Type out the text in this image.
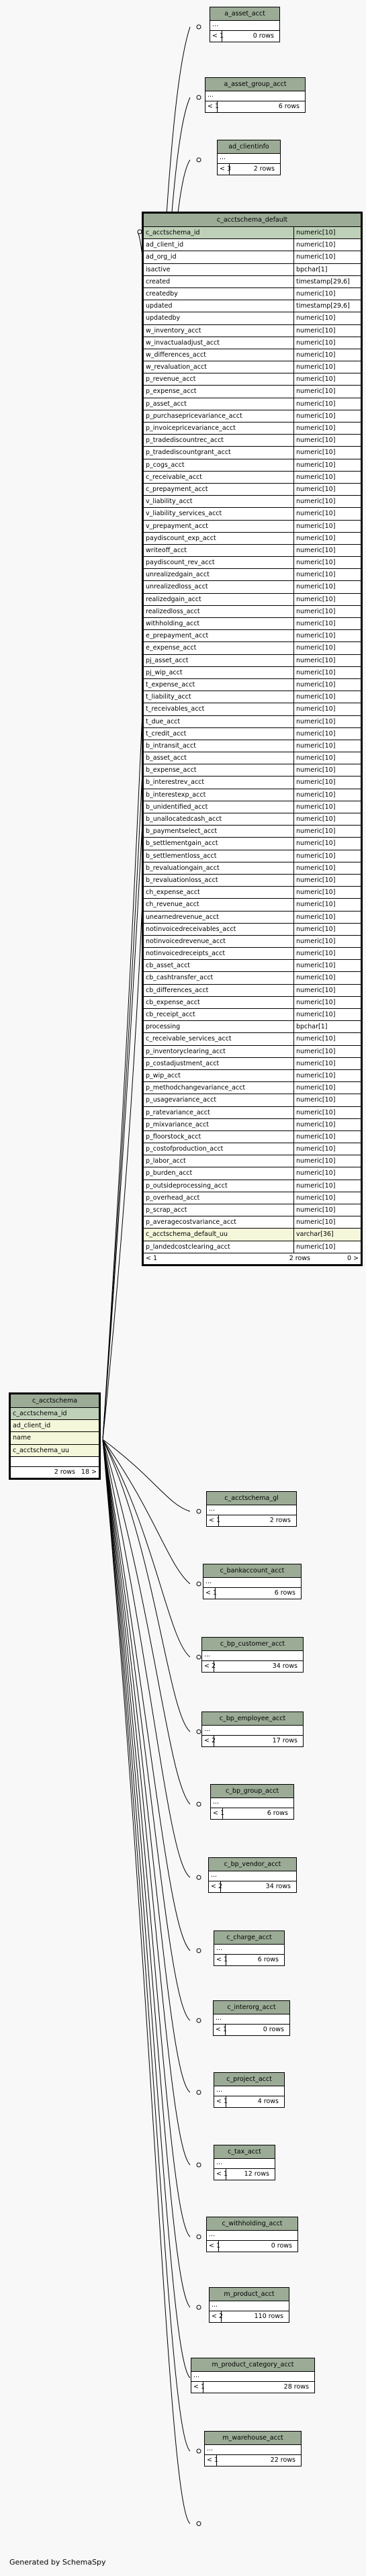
a_asset_acct
...
< 1	0 rows
a_asset_group_acct
...
< 1	6 rows
ad_clientinfo
...
< 3	2 rows
c_acctschema_default
c_acctschema_id	numeric[10]
ad_client_id	numeric[10]
ad_org_id	numeric[10]
isactive	bpchar[1]
created	timestamp[29,6]
createdby	numeric[10]
updated	timestamp[29,6]
updatedby	numeric[10]
w_inventory_acct	numeric[10]
w_invactualadjust_acct	numeric[10]
w_differences_acct	numeric[10]
w_revaluation_acct	numeric[10]
p_revenue_acct	numeric[10]
p_expense_acct	numeric[10]
p_asset_acct	numeric[10]
p_purchasepricevariance_acct	numeric[10]
p_invoicepricevariance_acct	numeric[10]
p_tradediscountrec_acct	numeric[10]
p_tradediscountgrant_acct	numeric[10]
p_cogs_acct	numeric[10]
c_receivable_acct	numeric[10]
c_prepayment_acct	numeric[10]
v_liability_acct	numeric[10]
v_liability_services_acct	numeric[10]
v_prepayment_acct	numeric[10]
paydiscount_exp_acct	numeric[10]
writeoff_acct	numeric[10]
paydiscount_rev_acct	numeric[10]
unrealizedgain_acct	numeric[10]
unrealizedloss_acct	numeric[10]
realizedgain_acct	numeric[10]
realizedloss_acct	numeric[10]
withholding_acct	numeric[10]
e_prepayment_acct	numeric[10]
e_expense_acct	numeric[10]
pj_asset_acct	numeric[10]
pj_wip_acct	numeric[10]
t_expense_acct	numeric[10]
t_liability_acct	numeric[10]
t_receivables_acct	numeric[10]
t_due_acct	numeric[10]
t_credit_acct	numeric[10]
b_intransit_acct	numeric[10]
b_asset_acct	numeric[10]
b_expense_acct	numeric[10]
b_interestrev_acct	numeric[10]
b_interestexp_acct	numeric[10]
b_unidentified_acct	numeric[10]
b_unallocatedcash_acct	numeric[10]
b_paymentselect_acct	numeric[10]
b_settlementgain_acct	numeric[10]
b_settlementloss_acct	numeric[10]
b_revaluationgain_acct	numeric[10]
b_revaluationloss_acct	numeric[10]
ch_expense_acct	numeric[10]
ch_revenue_acct	numeric[10]
unearnedrevenue_acct	numeric[10]
notinvoicedreceivables_acct	numeric[10]
notinvoicedrevenue_acct	numeric[10]
notinvoicedreceipts_acct	numeric[10]
cb_asset_acct	numeric[10]
cb_cashtransfer_acct	numeric[10]
cb_differences_acct	numeric[10]
cb_expense_acct	numeric[10]
cb_receipt_acct	numeric[10]
processing	bpchar[1]
c_receivable_services_acct	numeric[10]
p_inventoryclearing_acct	numeric[10]
p_costadjustment_acct	numeric[10]
p_wip_acct	numeric[10]
p_methodchangevariance_acct	numeric[10]
p_usagevariance_acct	numeric[10]
p_ratevariance_acct	numeric[10]
p_mixvariance_acct	numeric[10]
p_floorstock_acct	numeric[10]
p_costofproduction_acct	numeric[10]
p_labor_acct	numeric[10]
p_burden_acct	numeric[10]
p_outsideprocessing_acct	numeric[10]
p_overhead_acct	numeric[10]
p_scrap_acct	numeric[10]
p_averagecostvariance_acct	numeric[10]
c_acctschema_default_uu	varchar[36]
p_landedcostclearing_acct	numeric[10]
< 1	2 rows	0 >
c_acctschema_gl
...
< 1	2 rows
c_bankaccount_acct
...
< 1	6 rows
c_bp_customer_acct
...
< 2	34 rows
c_bp_employee_acct
...
< 2	17 rows
c_bp_group_acct
...
< 1	6 rows
c_bp_vendor_acct
...
< 2	34 rows
c_charge_acct
...
< 1	6 rows
c_interorg_acct
...
< 1	0 rows
c_project_acct
...
< 1	4 rows
c_tax_acct
...
< 1	12 rows
c_withholding_acct
...
< 1	0 rows
m_product_acct
...
< 2	110 rows
m_product_category_acct
...
< 1	28 rows
m_warehouse_acct
...
< 1	22 rows
c_acctschema
c_acctschema_id
ad_client_id
name
c_acctschema_uu
2 rows 18 >
Generated by SchemaSpy
